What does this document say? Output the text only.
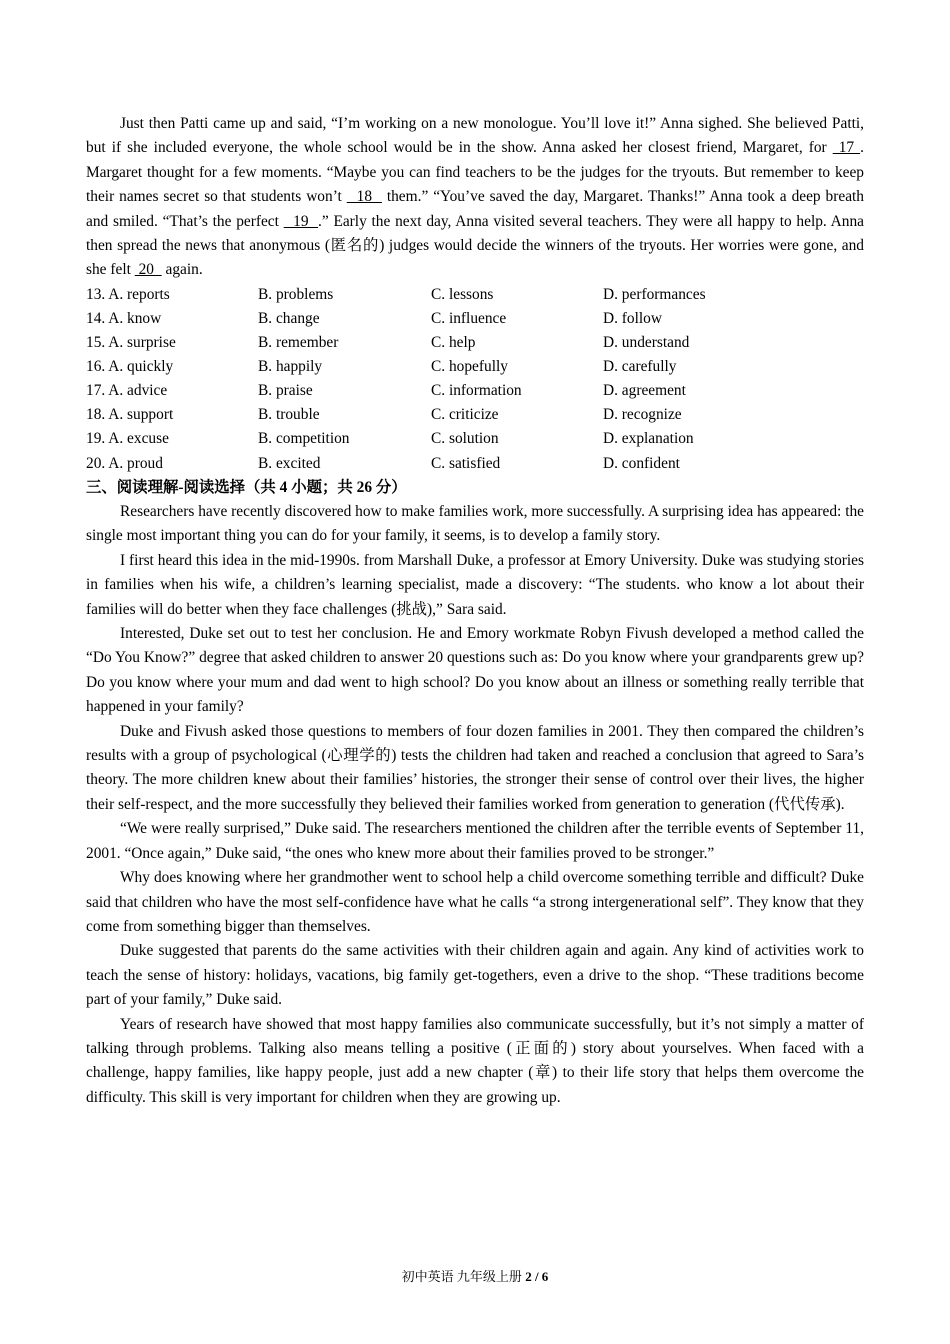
Just then Patti came up and said, “I’m working on a new monologue. You’ll love it!” Anna sighed. She believed Patti, but if she included everyone, the whole school would be in the show. Anna asked her closest friend, Margaret, for  17 . Margaret thought for a few moments. “Maybe you can find teachers to be the judges for the tryouts. But remember to keep their names secret so that students won’t   18   them.” “You’ve saved the day, Margaret. Thanks!” Anna took a deep breath and smiled. “That’s the perfect   19  .” Early the next day, Anna visited several teachers. They were all happy to help. Anna then spread the news that anonymous (匿名的) judges would decide the winners of the tryouts. Her worries were gone, and she felt  20   again.

13. A. reports	B. problems	C. lessons	D. performances
14. A. know	B. change	C. influence	D. follow
15. A. surprise	B. remember	C. help	D. understand
16. A. quickly	B. happily	C. hopefully	D. carefully
17. A. advice	B. praise	C. information	D. agreement
18. A. support	B. trouble	C. criticize	D. recognize
19. A. excuse	B. competition	C. solution	D. explanation
20. A. proud	B. excited	C. satisfied	D. confident

三、阅读理解-阅读选择（共 4 小题；共 26 分）

Researchers have recently discovered how to make families work, more successfully. A surprising idea has appeared: the single most important thing you can do for your family, it seems, is to develop a family story.

I first heard this idea in the mid-1990s. from Marshall Duke, a professor at Emory University. Duke was studying stories in families when his wife, a children’s learning specialist, made a discovery: “The students. who know a lot about their families will do better when they face challenges (挑战),” Sara said.

Interested, Duke set out to test her conclusion. He and Emory workmate Robyn Fivush developed a method called the “Do You Know?” degree that asked children to answer 20 questions such as: Do you know where your grandparents grew up? Do you know where your mum and dad went to high school? Do you know about an illness or something really terrible that happened in your family?

Duke and Fivush asked those questions to members of four dozen families in 2001. They then compared the children’s results with a group of psychological (心理学的) tests the children had taken and reached a conclusion that agreed to Sara’s theory. The more children knew about their families’ histories, the stronger their sense of control over their lives, the higher their self-respect, and the more successfully they believed their families worked from generation to generation (代代传承).

“We were really surprised,” Duke said. The researchers mentioned the children after the terrible events of September 11, 2001. “Once again,” Duke said, “the ones who knew more about their families proved to be stronger.”

Why does knowing where her grandmother went to school help a child overcome something terrible and difficult? Duke said that children who have the most self-confidence have what he calls “a strong intergenerational self”. They know that they come from something bigger than themselves.

Duke suggested that parents do the same activities with their children again and again. Any kind of activities work to teach the sense of history: holidays, vacations, big family get-togethers, even a drive to the shop. “These traditions become part of your family,” Duke said.

Years of research have showed that most happy families also communicate successfully, but it’s not simply a matter of talking through problems. Talking also means telling a positive (正面的) story about yourselves. When faced with a challenge, happy families, like happy people, just add a new chapter (章) to their life story that helps them overcome the difficulty. This skill is very important for children when they are growing up.

初中英语 九年级上册 2 / 6
